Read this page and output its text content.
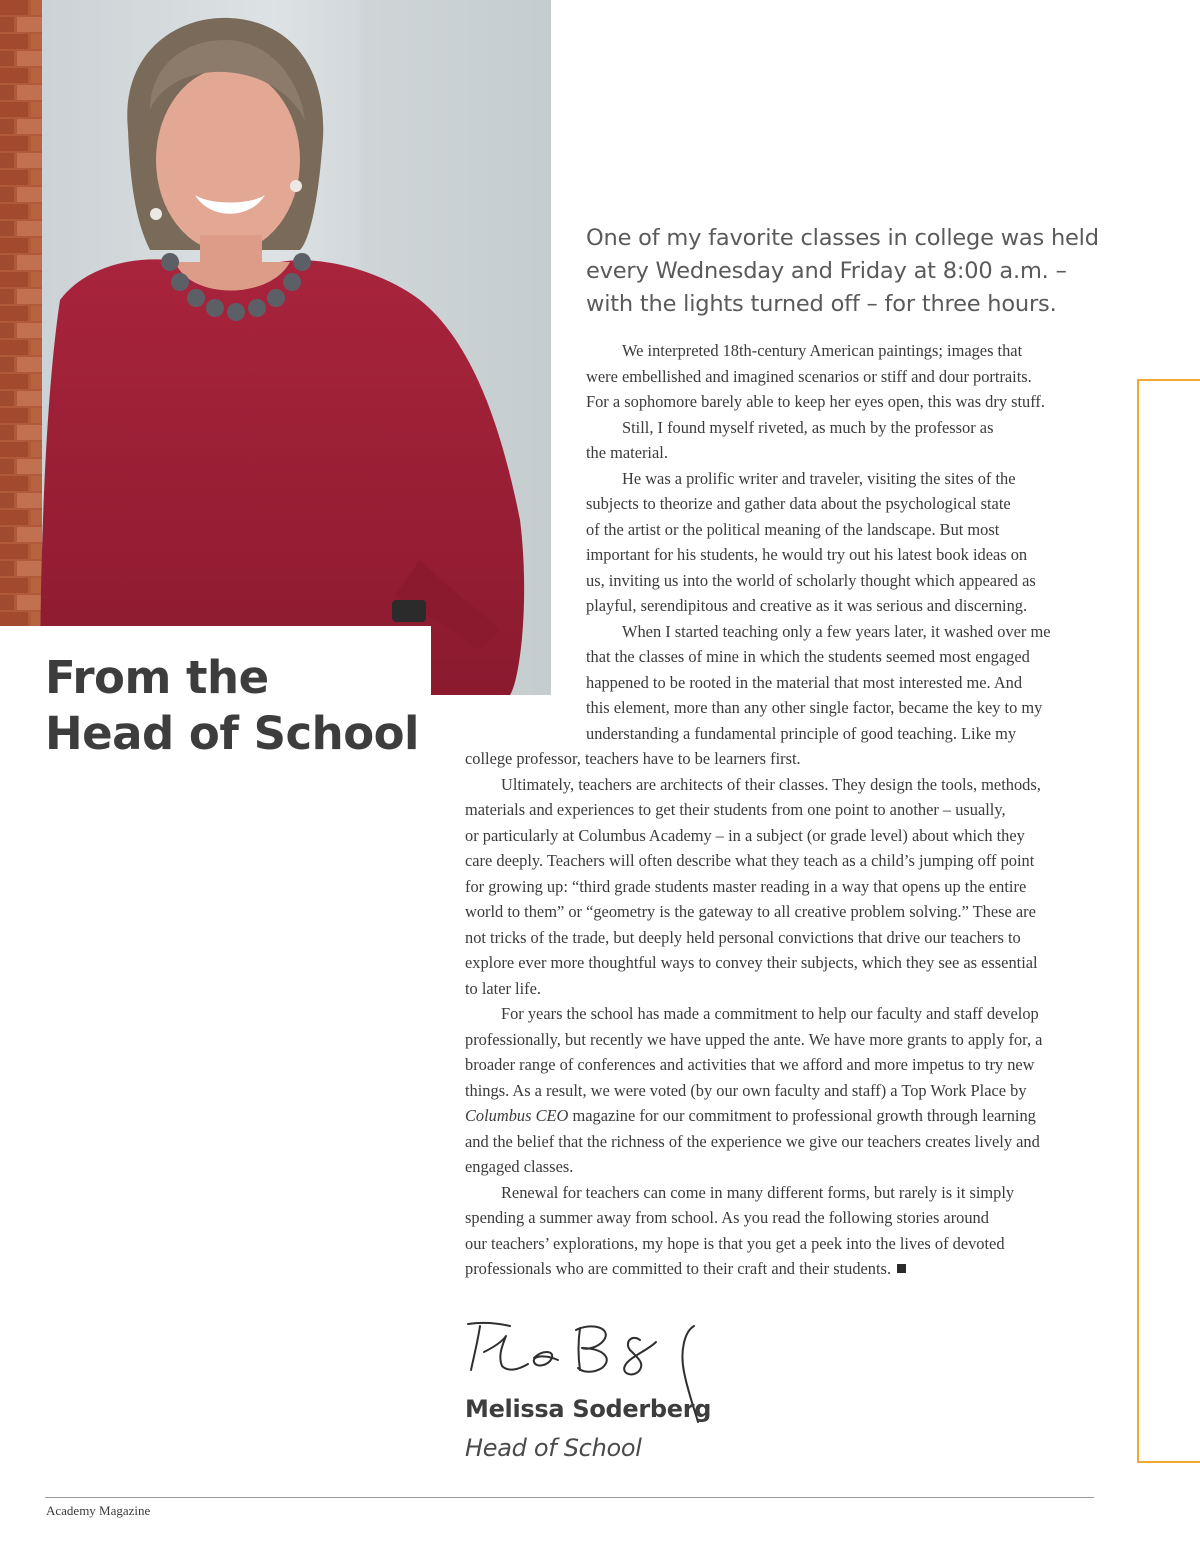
From the
Head of School

One of my favorite classes in college was held
every Wednesday and Friday at 8:00 a.m. –
with the lights turned off – for three hours.

We interpreted 18th-century American paintings; images that
were embellished and imagined scenarios or stiff and dour portraits.
For a sophomore barely able to keep her eyes open, this was dry stuff.
Still, I found myself riveted, as much by the professor as
the material.
He was a prolific writer and traveler, visiting the sites of the
subjects to theorize and gather data about the psychological state
of the artist or the political meaning of the landscape. But most
important for his students, he would try out his latest book ideas on
us, inviting us into the world of scholarly thought which appeared as
playful, serendipitous and creative as it was serious and discerning.
When I started teaching only a few years later, it washed over me
that the classes of mine in which the students seemed most engaged
happened to be rooted in the material that most interested me. And
this element, more than any other single factor, became the key to my
understanding a fundamental principle of good teaching. Like my
college professor, teachers have to be learners first.
Ultimately, teachers are architects of their classes. They design the tools, methods,
materials and experiences to get their students from one point to another – usually,
or particularly at Columbus Academy – in a subject (or grade level) about which they
care deeply. Teachers will often describe what they teach as a child’s jumping off point
for growing up: “third grade students master reading in a way that opens up the entire
world to them” or “geometry is the gateway to all creative problem solving.” These are
not tricks of the trade, but deeply held personal convictions that drive our teachers to
explore ever more thoughtful ways to convey their subjects, which they see as essential
to later life.
For years the school has made a commitment to help our faculty and staff develop
professionally, but recently we have upped the ante. We have more grants to apply for, a
broader range of conferences and activities that we afford and more impetus to try new
things. As a result, we were voted (by our own faculty and staff) a Top Work Place by
Columbus CEO magazine for our commitment to professional growth through learning
and the belief that the richness of the experience we give our teachers creates lively and
engaged classes.
Renewal for teachers can come in many different forms, but rarely is it simply
spending a summer away from school. As you read the following stories around
our teachers’ explorations, my hope is that you get a peek into the lives of devoted
professionals who are committed to their craft and their students.

Melissa Soderberg

Head of School

Academy Magazine
